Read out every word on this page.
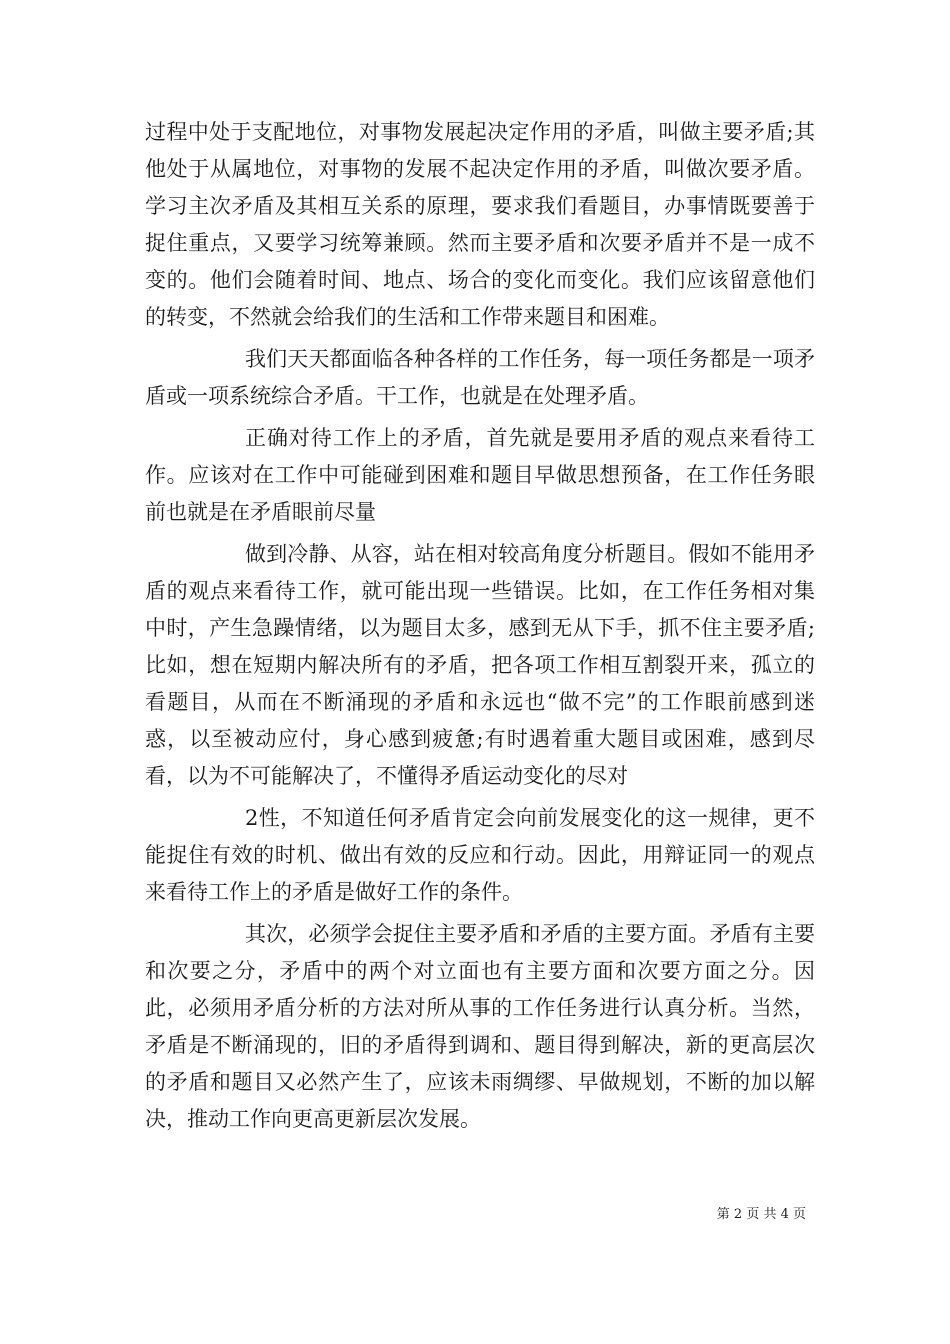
过程中处于支配地位，对事物发展起决定作用的矛盾，叫做主要矛盾;其他处于从属地位，对事物的发展不起决定作用的矛盾，叫做次要矛盾。学习主次矛盾及其相互关系的原理，要求我们看题目，办事情既要善于捉住重点，又要学习统筹兼顾。然而主要矛盾和次要矛盾并不是一成不变的。他们会随着时间、地点、场合的变化而变化。我们应该留意他们的转变，不然就会给我们的生活和工作带来题目和困难。

我们天天都面临各种各样的工作任务，每一项任务都是一项矛盾或一项系统综合矛盾。干工作，也就是在处理矛盾。

正确对待工作上的矛盾，首先就是要用矛盾的观点来看待工作。应该对在工作中可能碰到困难和题目早做思想预备，在工作任务眼前也就是在矛盾眼前尽量

做到冷静、从容，站在相对较高角度分析题目。假如不能用矛盾的观点来看待工作，就可能出现一些错误。比如，在工作任务相对集中时，产生急躁情绪，以为题目太多，感到无从下手，抓不住主要矛盾;比如，想在短期内解决所有的矛盾，把各项工作相互割裂开来，孤立的看题目，从而在不断涌现的矛盾和永远也“做不完”的工作眼前感到迷惑，以至被动应付，身心感到疲惫;有时遇着重大题目或困难，感到尽看，以为不可能解决了，不懂得矛盾运动变化的尽对

2性，不知道任何矛盾肯定会向前发展变化的这一规律，更不能捉住有效的时机、做出有效的反应和行动。因此，用辩证同一的观点来看待工作上的矛盾是做好工作的条件。

其次，必须学会捉住主要矛盾和矛盾的主要方面。矛盾有主要和次要之分，矛盾中的两个对立面也有主要方面和次要方面之分。因此，必须用矛盾分析的方法对所从事的工作任务进行认真分析。当然，矛盾是不断涌现的，旧的矛盾得到调和、题目得到解决，新的更高层次的矛盾和题目又必然产生了，应该未雨绸缪、早做规划，不断的加以解决，推动工作向更高更新层次发展。

第 2 页 共 4 页
